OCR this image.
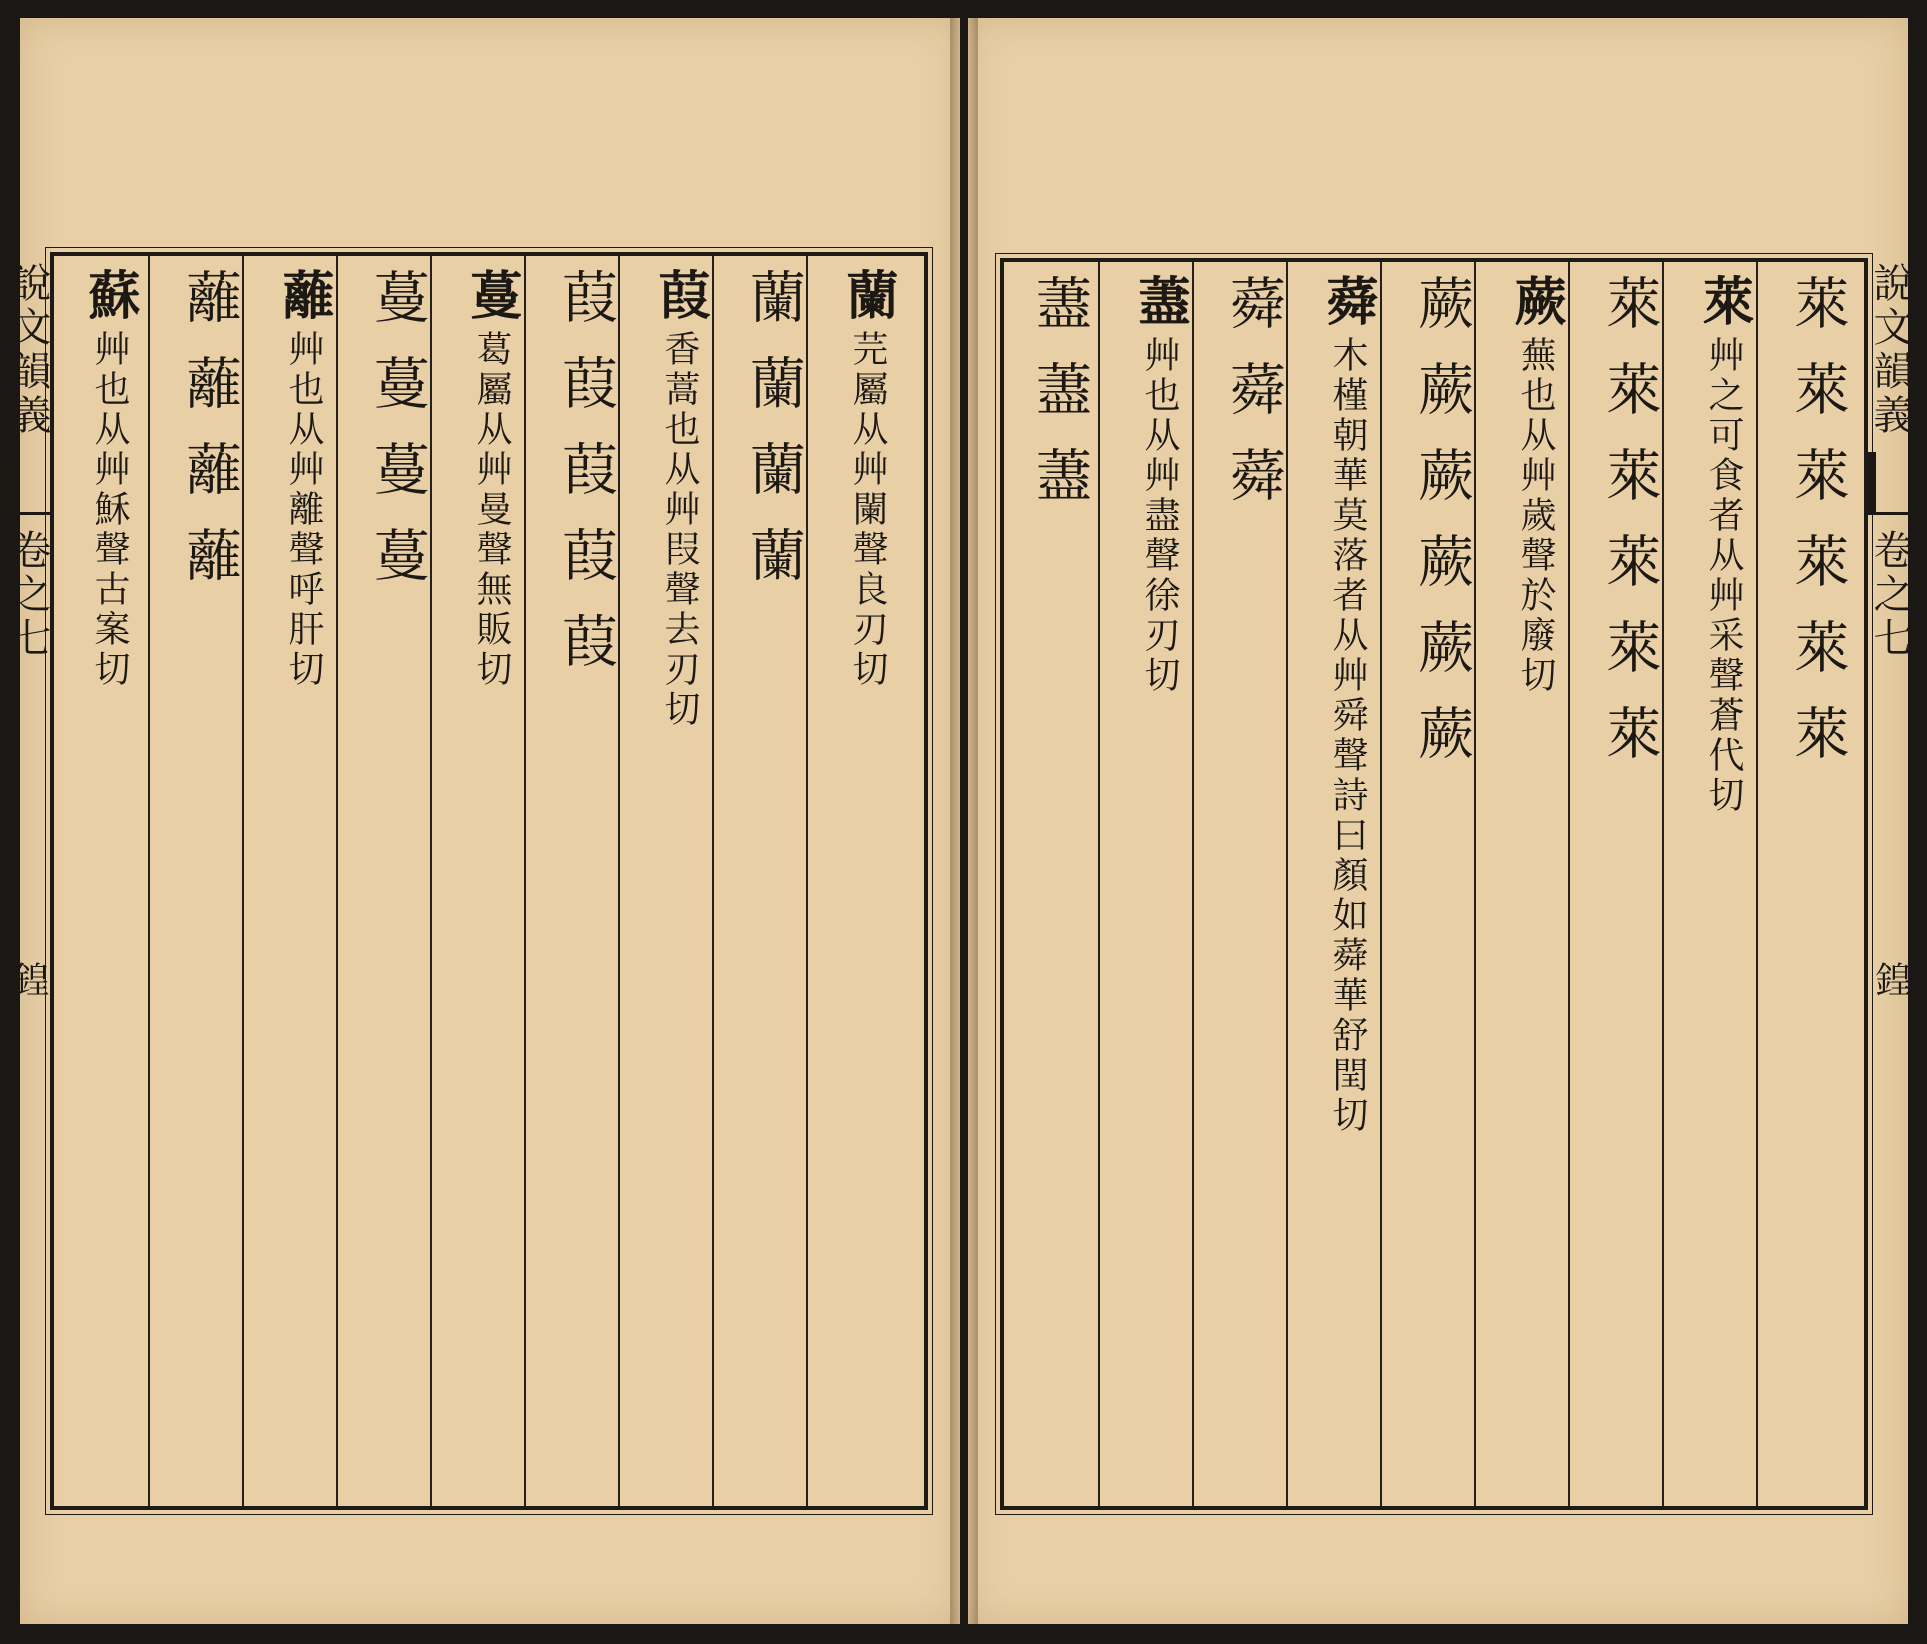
蘭芫屬从艸闌聲良刃切
蘭蘭蘭蘭
葭香蒿也从艸叚聲去刃切
葭葭葭葭葭
蔓葛屬从艸曼聲無販切
蔓蔓蔓蔓
蘺艸也从艸離聲呼肝切
蘺蘺蘺蘺
蘇艸也从艸穌聲古案切
說文韻義卷之七鍠
萊艸之可食者从艸采聲蒼代切 萊萊萊萊萊萊
萊萊萊萊萊萊
蕨蕪也从艸歲聲於廢切
蕨蕨蕨蕨蕨蕨
蕣木槿朝華莫落者从艸舜聲詩曰顏如蕣華舒閏切
蕣蕣蕣
藎艸也从艸盡聲徐刃切
藎藎藎	說文韻義卷之七鍠
